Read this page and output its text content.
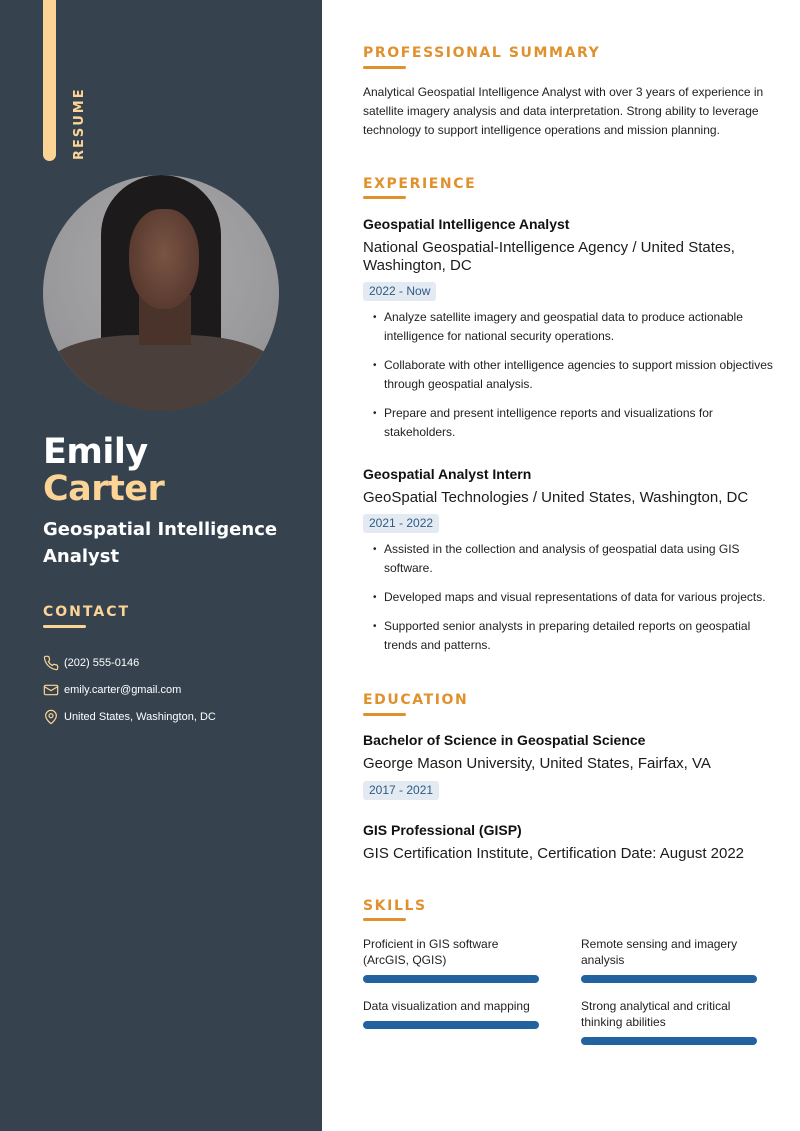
RESUME
Emily
Carter
Geospatial Intelligence Analyst
CONTACT
(202) 555-0146
emily.carter@gmail.com
United States, Washington, DC
PROFESSIONAL SUMMARY

Analytical Geospatial Intelligence Analyst with over 3 years of experience in satellite imagery analysis and data interpretation. Strong ability to leverage technology to support intelligence operations and mission planning.

EXPERIENCE
Geospatial Intelligence Analyst
National Geospatial-Intelligence Agency / United States, Washington, DC
2022 - Now
• Analyze satellite imagery and geospatial data to produce actionable intelligence for national security operations.
• Collaborate with other intelligence agencies to support mission objectives through geospatial analysis.
• Prepare and present intelligence reports and visualizations for stakeholders.
Geospatial Analyst Intern
GeoSpatial Technologies / United States, Washington, DC
2021 - 2022
• Assisted in the collection and analysis of geospatial data using GIS software.
• Developed maps and visual representations of data for various projects.
• Supported senior analysts in preparing detailed reports on geospatial trends and patterns.
EDUCATION
Bachelor of Science in Geospatial Science
George Mason University, United States, Fairfax, VA
2017 - 2021
GIS Professional (GISP)
GIS Certification Institute, Certification Date: August 2022
SKILLS
Proficient in GIS software (ArcGIS, QGIS)
Remote sensing and imagery analysis
Data visualization and mapping	Strong analytical and critical thinking abilities
